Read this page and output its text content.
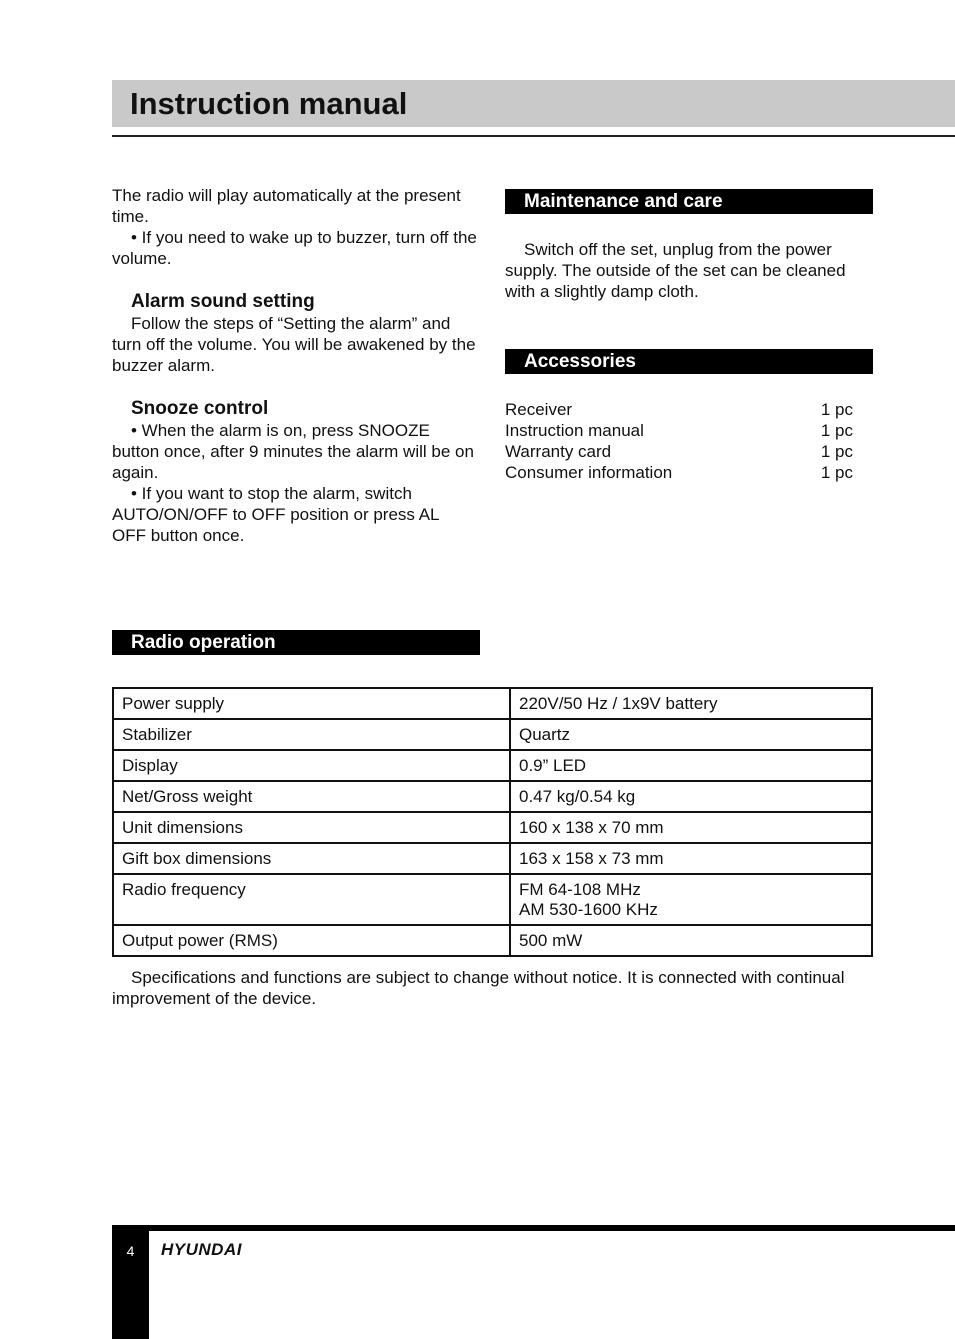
Instruction manual

The radio will play automatically at the present time.

• If you need to wake up to buzzer, turn off the volume.

Alarm sound setting

Follow the steps of “Setting the alarm” and turn off the volume. You will be awakened by the buzzer alarm.

Snooze control

• When the alarm is on, press SNOOZE button once, after 9 minutes the alarm will be on again.

• If you want to stop the alarm, switch AUTO/ON/OFF to OFF position or press AL OFF button once.

Maintenance and care
Switch off the set, unplug from the power supply. The outside of the set can be cleaned with a slightly damp cloth.
Accessories
Receiver	1 pc
Instruction manual	1 pc
Warranty card	1 pc
Consumer information	1 pc
Radio operation
Power supply	220V/50 Hz / 1x9V battery
Stabilizer	Quartz
Display	0.9” LED
Net/Gross weight	0.47 kg/0.54 kg
Unit dimensions	160 x 138 x 70 mm
Gift box dimensions	163 x 158 x 73 mm
Radio frequency	FM 64-108 MHz
AM 530-1600 KHz

Output power (RMS)	500 mW
Specifications and functions are subject to change without notice. It is connected with continual improvement of the device.
4	HYUNDAI
